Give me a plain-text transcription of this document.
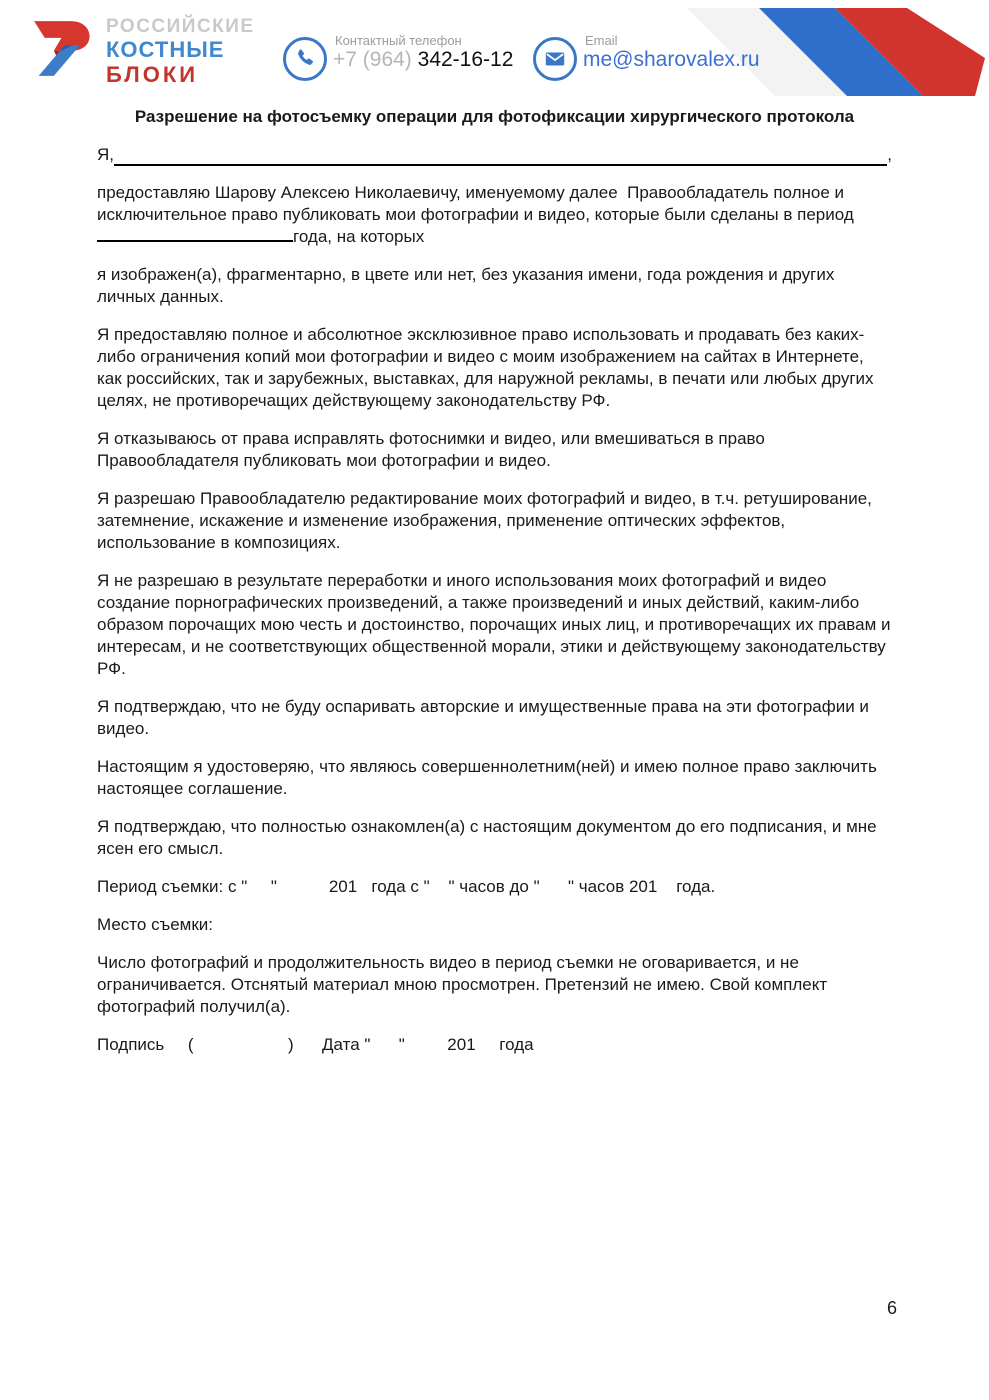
РОССИЙСКИЕ
КОСТНЫЕ
БЛОКИ
Контактный телефон
+7 (964) 342-16-12
Email
me@sharovalex.ru

Разрешение на фотосъемку операции для фотофиксации хирургического протокола

Я,	,

предоставляю Шарову Алексею Николаевичу, именуемому далее  Правообладатель полное и исключительное право публиковать мои фотографии и видео, которые были сделаны в период года, на которых

я изображен(а), фрагментарно, в цвете или нет, без указания имени, года рождения и других личных данных.

Я предоставляю полное и абсолютное эксклюзивное право использовать и продавать без каких-либо ограничения копий мои фотографии и видео с моим изображением на сайтах в Интернете, как российских, так и зарубежных, выставках, для наружной рекламы, в печати или любых других целях, не противоречащих действующему законодательству РФ.

Я отказываюсь от права исправлять фотоснимки и видео, или вмешиваться в право Правообладателя публиковать мои фотографии и видео.

Я разрешаю Правообладателю редактирование моих фотографий и видео, в т.ч. ретуширование, затемнение, искажение и изменение изображения, применение оптических эффектов, использование в композициях.

Я не разрешаю в результате переработки и иного использования моих фотографий и видео создание порнографических произведений, а также произведений и иных действий, каким-либо образом порочащих мою честь и достоинство, порочащих иных лиц, и противоречащих их правам и интересам, и не соответствующих общественной морали, этики и действующему законодательству РФ.

Я подтверждаю, что не буду оспаривать авторские и имущественные права на эти фотографии и видео.

Настоящим я удостоверяю, что являюсь совершеннолетним(ней) и имею полное право заключить настоящее соглашение.

Я подтверждаю, что полностью ознакомлен(а) с настоящим документом до его подписания, и мне ясен его смысл.

Период съемки: с "     "           201   года с "    " часов до "      " часов 201    года.

Место съемки:

Число фотографий и продолжительность видео в период съемки не оговаривается, и не ограничивается. Отснятый материал мною просмотрен. Претензий не имею. Свой комплект фотографий получил(а).

Подпись     (                    )      Дата "      "         201     года

6
